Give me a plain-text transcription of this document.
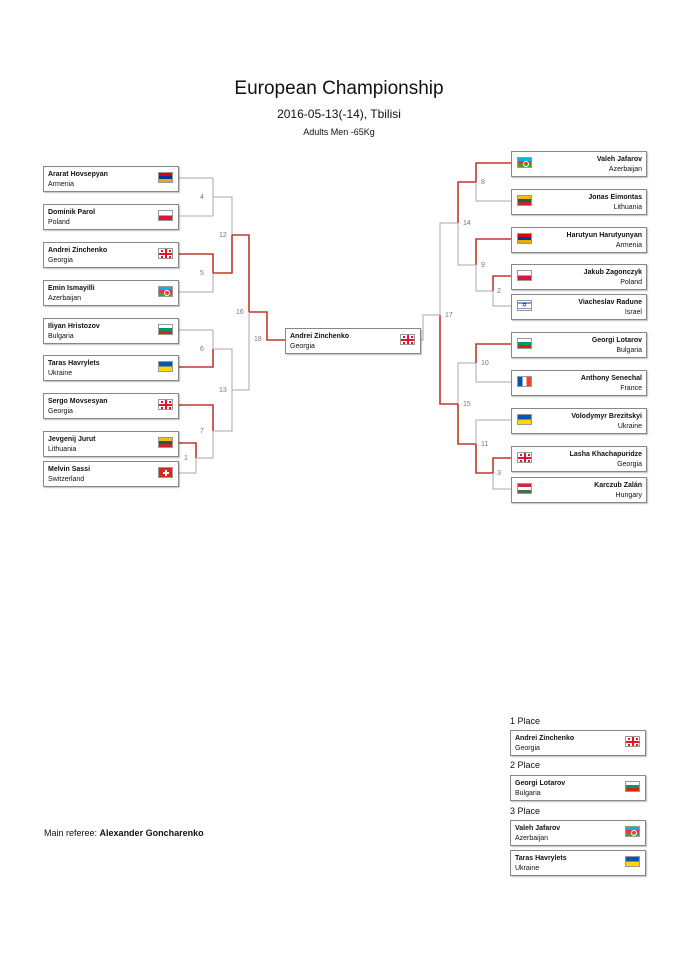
European Championship
2016-05-13(-14), Tbilisi
Adults Men -65Kg
Ararat Hovsepyan
Armenia
Dominik Parol
Poland
Andrei Zinchenko
Georgia
Emin Ismayilli
Azerbaijan
Iliyan Hristozov
Bulgaria
Taras Havrylets
Ukraine
Sergo Movsesyan
Georgia
Jevgenij Jurut
Lithuania
Melvin Sassi
Switzerland
Valeh Jafarov
Azerbaijan
Jonas Eimontas
Lithuania
Harutyun Harutyunyan
Armenia
Jakub Zagonczyk
Poland
Viacheslav Radune
Israel
✡
Georgi Lotarov
Bulgaria
Anthony Senechal
France
Volodymyr Brezitskyi
Ukraine
Lasha Khachapuridze
Georgia
Karczub Zalán
Hungary
Andrei Zinchenko
Georgia
Andrei Zinchenko
Georgia
Georgi Lotarov
Bulgaria
Valeh Jafarov
Azerbaijan
Taras Havrylets
Ukraine
1 Place
2 Place
3 Place
Main referee: Alexander Goncharenko
4
5
12
6
7
1
13
16
18
8
9
2
14
10
11
3
15
17
